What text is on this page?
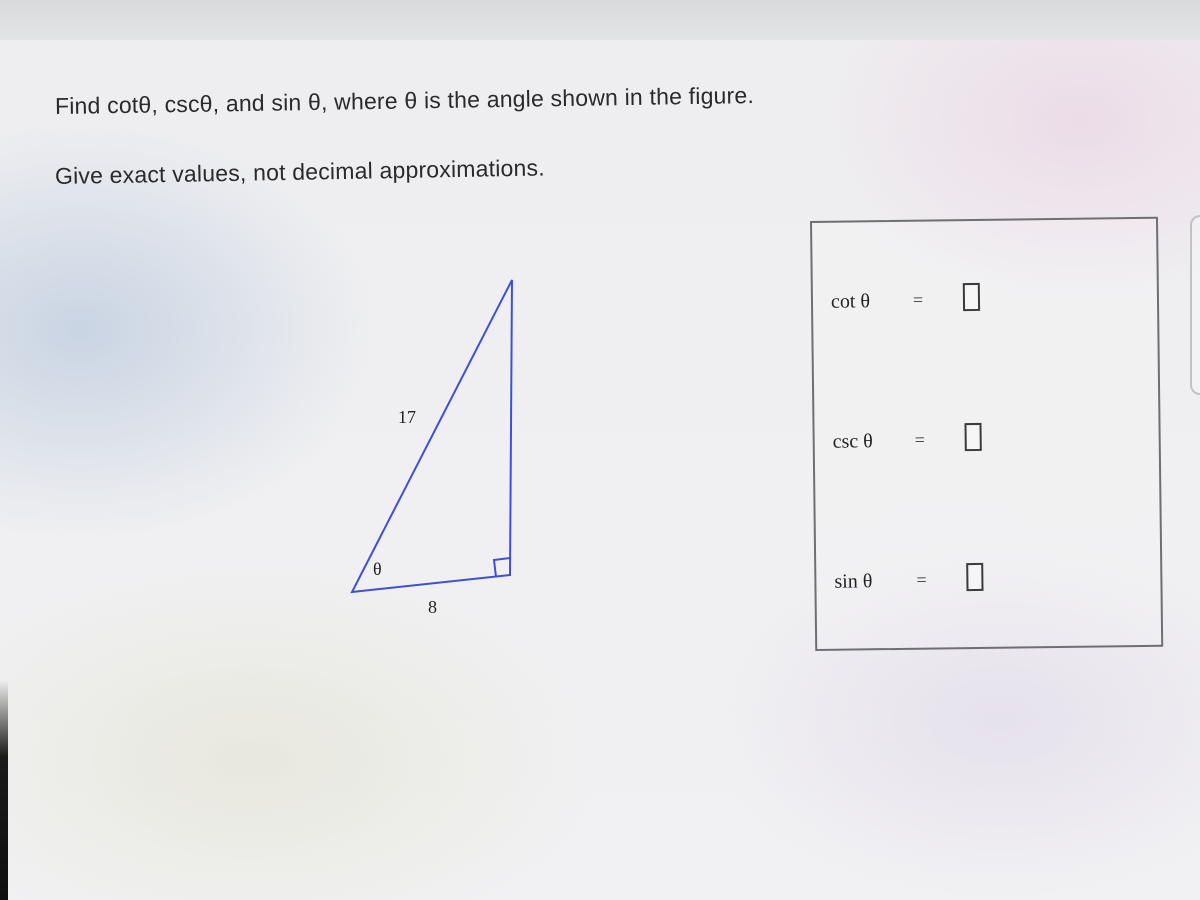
Find cotθ, cscθ, and sin θ, where θ is the angle shown in the figure.
Give exact values, not decimal approximations.
17
8
θ
cot θ =
csc θ =
sin θ =
